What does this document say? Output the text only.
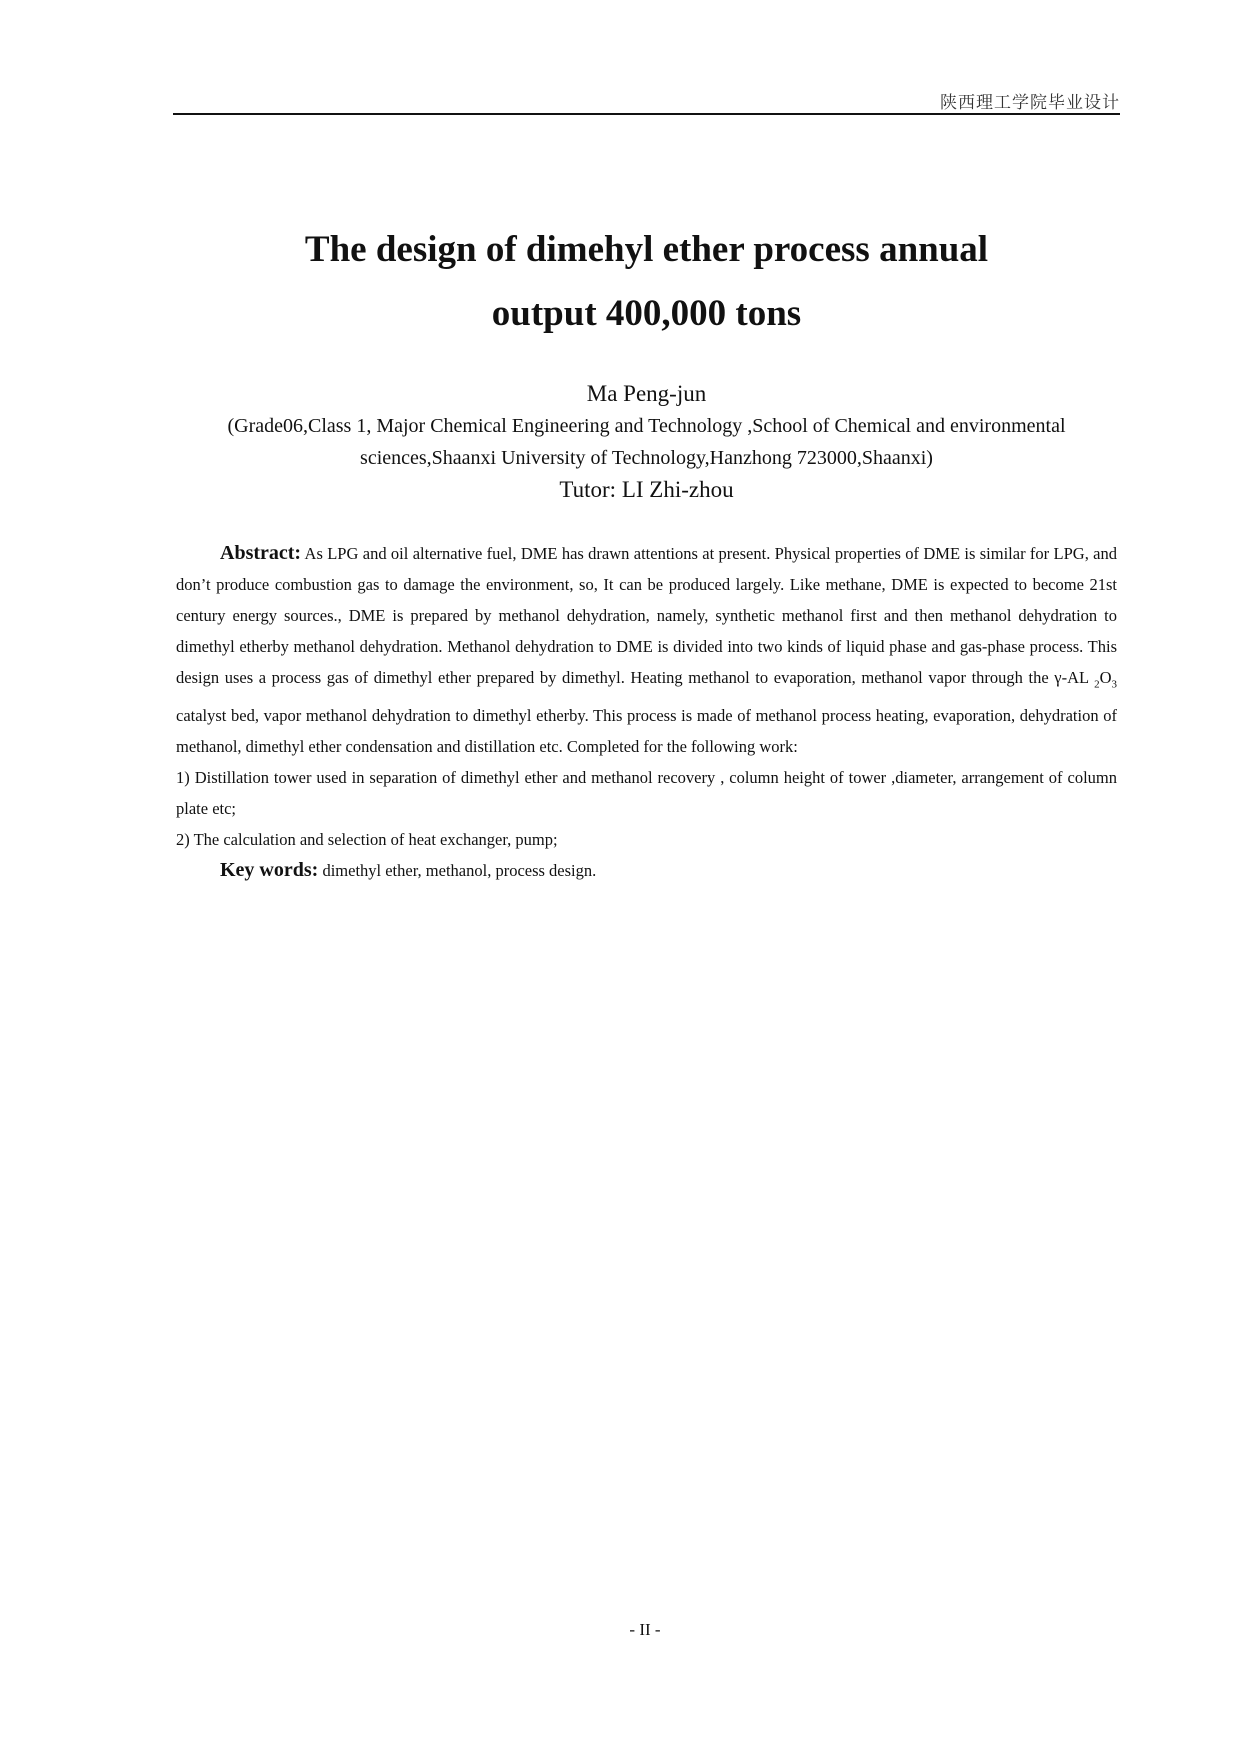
陕西理工学院毕业设计
The design of dimehyl ether process annual
output 400,000 tons
Ma Peng-jun
(Grade06,Class 1, Major Chemical Engineering and Technology ,School of Chemical and environmental
sciences,Shaanxi University of Technology,Hanzhong 723000,Shaanxi)
Tutor: LI Zhi-zhou

Abstract: As LPG and oil alternative fuel, DME has drawn attentions at present. Physical properties of DME is similar for LPG, and don’t produce combustion gas to damage the environment, so, It can be produced largely. Like methane, DME is expected to become 21st century energy sources., DME is prepared by methanol dehydration, namely, synthetic methanol first and then methanol dehydration to dimethyl etherby methanol dehydration. Methanol dehydration to DME is divided into two kinds of liquid phase and gas-phase process. This design uses a process gas of dimethyl ether prepared by dimethyl. Heating methanol to evaporation, methanol vapor through the γ-AL $_2O_3$ catalyst bed, vapor methanol dehydration to dimethyl etherby. This process is made of methanol process heating, evaporation, dehydration of methanol, dimethyl ether condensation and distillation etc. Completed for the following work:

1) Distillation tower used in separation of dimethyl ether and methanol recovery , column height of tower ,diameter, arrangement of column plate etc;

2) The calculation and selection of heat exchanger, pump;

Key words: dimethyl ether, methanol, process design.

- II -
